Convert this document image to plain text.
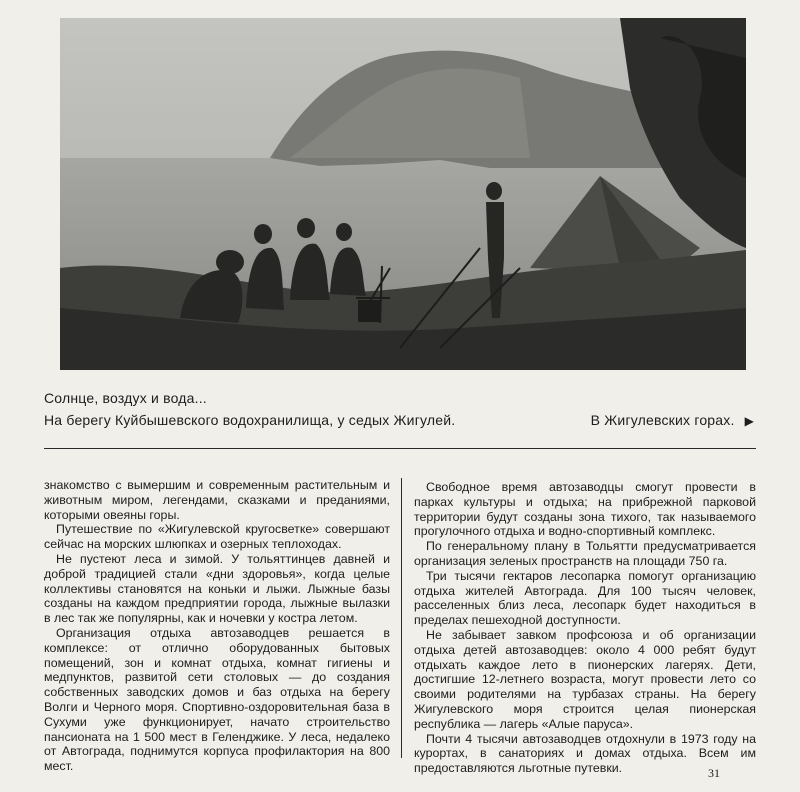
Солнце, воздух и вода...
На берегу Куйбышевского водохранилища, у седых Жигулей.	В Жигулевских горах. ▶

знакомство с вымершим и современным растительным и животным миром, легендами, сказками и преданиями, которыми овеяны горы.

Путешествие по «Жигулевской кругосветке» совершают сейчас на морских шлюпках и озерных теплоходах.

Не пустеют леса и зимой. У тольяттинцев давней и доброй традицией стали «дни здоровья», когда целые коллективы становятся на коньки и лыжи. Лыжные базы созданы на каждом предприятии города, лыжные вылазки в лес так же популярны, как и ночевки у костра летом.

Организация отдыха автозаводцев решается в комплексе: от отлично оборудованных бытовых помещений, зон и комнат отдыха, комнат гигиены и медпунктов, развитой сети столовых — до создания собственных заводских домов и баз отдыха на берегу Волги и Черного моря. Спортивно-оздоровительная база в Сухуми уже функционирует, начато строительство пансионата на 1 500 мест в Геленджике. У леса, недалеко от Автограда, поднимутся корпуса профилактория на 800 мест.

Свободное время автозаводцы смогут провести в парках культуры и отдыха; на прибрежной парковой территории будут созданы зона тихого, так называемого прогулочного отдыха и водно-спортивный комплекс.

По генеральному плану в Тольятти предусматривается организация зеленых пространств на площади 750 га.

Три тысячи гектаров лесопарка помогут организацию отдыха жителей Автограда. Для 100 тысяч человек, расселенных близ леса, лесопарк будет находиться в пределах пешеходной доступности.

Не забывает завком профсоюза и об организации отдыха детей автозаводцев: около 4 000 ребят будут отдыхать каждое лето в пионерских лагерях. Дети, достигшие 12-летнего возраста, могут провести лето со своими родителями на турбазах страны. На берегу Жигулевского моря строится целая пионерская республика — лагерь «Алые паруса».

Почти 4 тысячи автозаводцев отдохнули в 1973 году на курортах, в санаториях и домах отдыха. Всем им предоставляются льготные путевки.	31
